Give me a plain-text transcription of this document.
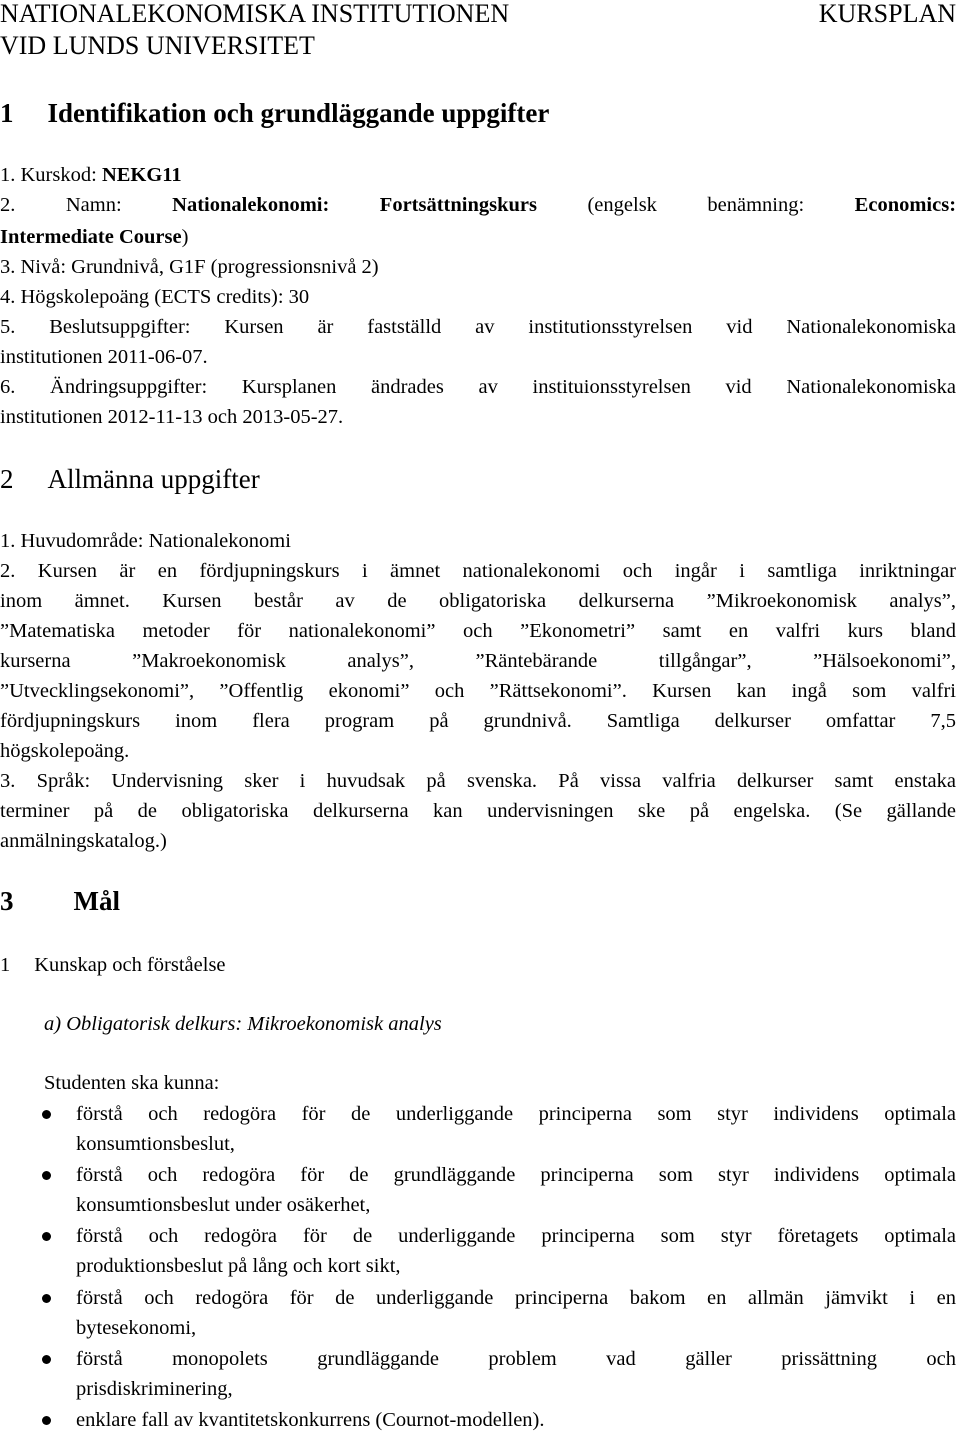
NATIONALEKONOMISKA INSTITUTIONEN
VID LUNDS UNIVERSITET
KURSPLAN
1 Identifikation och grundläggande uppgifter
1. Kurskod: NEKG11
2. Namn: Nationalekonomi: Fortsättningskurs (engelsk benämning: Economics:
Intermediate Course)
3. Nivå: Grundnivå, G1F (progressionsnivå 2)
4. Högskolepoäng (ECTS credits): 30
5. Beslutsuppgifter: Kursen är fastställd av institutionsstyrelsen vid Nationalekonomiska
institutionen 2011-06-07.
6. Ändringsuppgifter: Kursplanen ändrades av instituionsstyrelsen vid Nationalekonomiska
institutionen 2012-11-13 och 2013-05-27.
2 Allmänna uppgifter
1. Huvudområde: Nationalekonomi
2. Kursen är en fördjupningskurs i ämnet nationalekonomi och ingår i samtliga inriktningar
inom ämnet. Kursen består av de obligatoriska delkurserna ”Mikroekonomisk analys”,
”Matematiska metoder för nationalekonomi” och ”Ekonometri” samt en valfri kurs bland
kurserna ”Makroekonomisk analys”, ”Räntebärande tillgångar”, ”Hälsoekonomi”,
”Utvecklingsekonomi”, ”Offentlig ekonomi” och ”Rättsekonomi”. Kursen kan ingå som valfri
fördjupningskurs inom flera program på grundnivå. Samtliga delkurser omfattar 7,5
högskolepoäng.
3. Språk: Undervisning sker i huvudsak på svenska. På vissa valfria delkurser samt enstaka
terminer på de obligatoriska delkurserna kan undervisningen ske på engelska. (Se gällande
anmälningskatalog.)
3 Mål
1 Kunskap och förståelse
a) Obligatorisk delkurs: Mikroekonomisk analys
Studenten ska kunna:
förstå och redogöra för de underliggande principerna som styr individens optimala
konsumtionsbeslut,
förstå och redogöra för de grundläggande principerna som styr individens optimala
konsumtionsbeslut under osäkerhet,
förstå och redogöra för de underliggande principerna som styr företagets optimala
produktionsbeslut på lång och kort sikt,
förstå och redogöra för de underliggande principerna bakom en allmän jämvikt i en
bytesekonomi,
förstå monopolets grundläggande problem vad gäller prissättning och
prisdiskriminering,
enklare fall av kvantitetskonkurrens (Cournot-modellen).
